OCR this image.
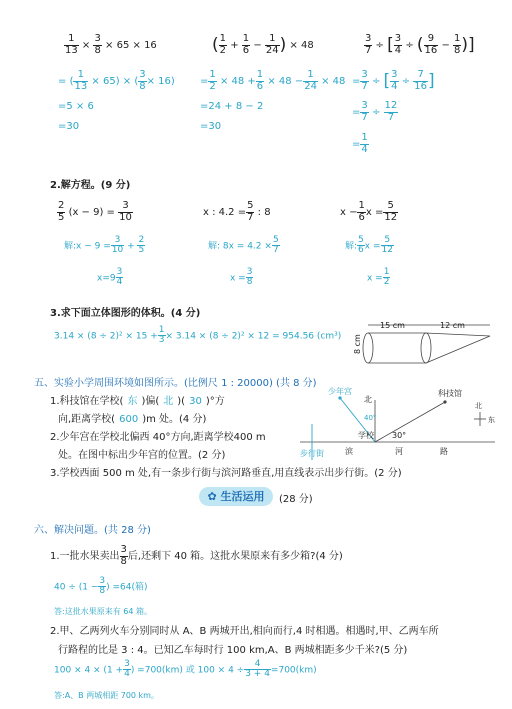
$\frac{1}{13} \times \frac{3}{8} \times 65 \times 16$
= ( $\frac{1}{13} \times 65$) × ( $\frac{3}{8} \times 16$)
=5 × 6
=30
( $\frac{1}{2} + \frac{1}{6} - \frac{1}{24}$ ) × 48
= $\frac{1}{2} \times 48 + \frac{1}{6} \times 48 - \frac{1}{24} \times 48$
=24 + 8 − 2
=30
$\frac{3}{7}$ ÷ [ $\frac{3}{4}$ ÷ ( $\frac{9}{16} - \frac{1}{8}$ )]
= $\frac{3}{7}$ ÷ [ $\frac{3}{4} \div \frac{7}{16}$ ]
= $\frac{3}{7} \div \frac{12}{7}$
= $\frac{1}{4}$
2.解方程。(9 分)
$\frac{2}{5} (x - 9) = \frac{3}{10}$
解:x − $9 = \frac{3}{10} + \frac{2}{5}$
$x=9 \frac{3}{4}$
x : $4.2 = \frac{5}{7}$ : 8
解: $8x = 4.2 \times \frac{5}{7}$
$x = \frac{3}{8}$
$x - \frac{1}{6}$ $x = \frac{5}{12}$
解: $\frac{5}{6}$ $x = \frac{5}{12}$
$x = \frac{1}{2}$
3.求下面立体图形的体积。(4 分)
$3.14 \times (8 \div 2)^2 \times 15 + \frac{1}{3} \times 3.14 \times (8 \div 2)^2 \times 12 = 954.56$ (cm³)
15 cm	12 cm
8 cm
五、实验小学周围环境如图所示。(比例尺 1 : 20000) (共 8 分)
1.科技馆在学校( 东 )偏( 北 )( 30 )°方
向,距离学校( 600 )m 处。(4 分)
2.少年宫在学校北偏西 40°方向,距离学校400 m
处。在图中标出少年宫的位置。(2 分)
3.学校西面 500 m 处,有一条步行街与滨河路垂直,用直线表示出步行街。(2 分)
少年宫
北
学校
科技馆
40°
30°
滨	河	路
步行街
北
东
✿ 生活运用	(28 分)
六、解决问题。(共 28 分)
1.一批水果卖出 $\frac{3}{8}$ 后,还剩下 40 箱。这批水果原来有多少箱?(4 分)
$40 \div (1 - \frac{3}{8}$ ) =64(箱)
答:这批水果原来有 64 箱。
2.甲、乙两列火车分别同时从 A、B 两城开出,相向而行,4 时相遇。相遇时,甲、乙两车所
行路程的比是 3 : 4。已知乙车每时行 100 km,A、B 两城相距多少千米?(5 分)
$100 \times 4 \times (1 + \frac{3}{4}$ ) =700(km) 或 $100 \times 4 \div \frac{4}{3 + 4} =700(km)$
答:A、B 两城相距 700 km。
